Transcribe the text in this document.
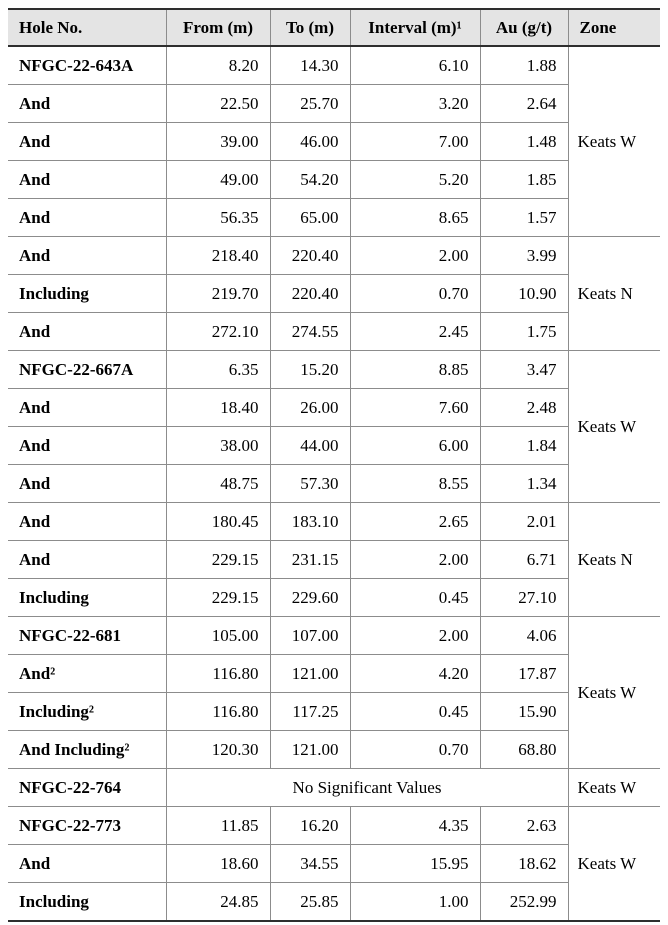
Hole No.	From (m)	To (m)	Interval (m)¹	Au (g/t)	Zone
NFGC-22-643A	8.20	14.30	6.10	1.88	Keats W
And	22.50	25.70	3.20	2.64	
And	39.00	46.00	7.00	1.48	
And	49.00	54.20	5.20	1.85	
And	56.35	65.00	8.65	1.57	
And	218.40	220.40	2.00	3.99	Keats N
Including	219.70	220.40	0.70	10.90	
And	272.10	274.55	2.45	1.75	
NFGC-22-667A	6.35	15.20	8.85	3.47	Keats W
And	18.40	26.00	7.60	2.48	
And	38.00	44.00	6.00	1.84	
And	48.75	57.30	8.55	1.34	
And	180.45	183.10	2.65	2.01	Keats N
And	229.15	231.15	2.00	6.71	
Including	229.15	229.60	0.45	27.10	
NFGC-22-681	105.00	107.00	2.00	4.06	Keats W
And²	116.80	121.00	4.20	17.87	
Including²	116.80	117.25	0.45	15.90	
And Including²	120.30	121.00	0.70	68.80	
NFGC-22-764	No Significant Values				Keats W
NFGC-22-773	11.85	16.20	4.35	2.63	Keats W
And	18.60	34.55	15.95	18.62	
Including	24.85	25.85	1.00	252.99	
